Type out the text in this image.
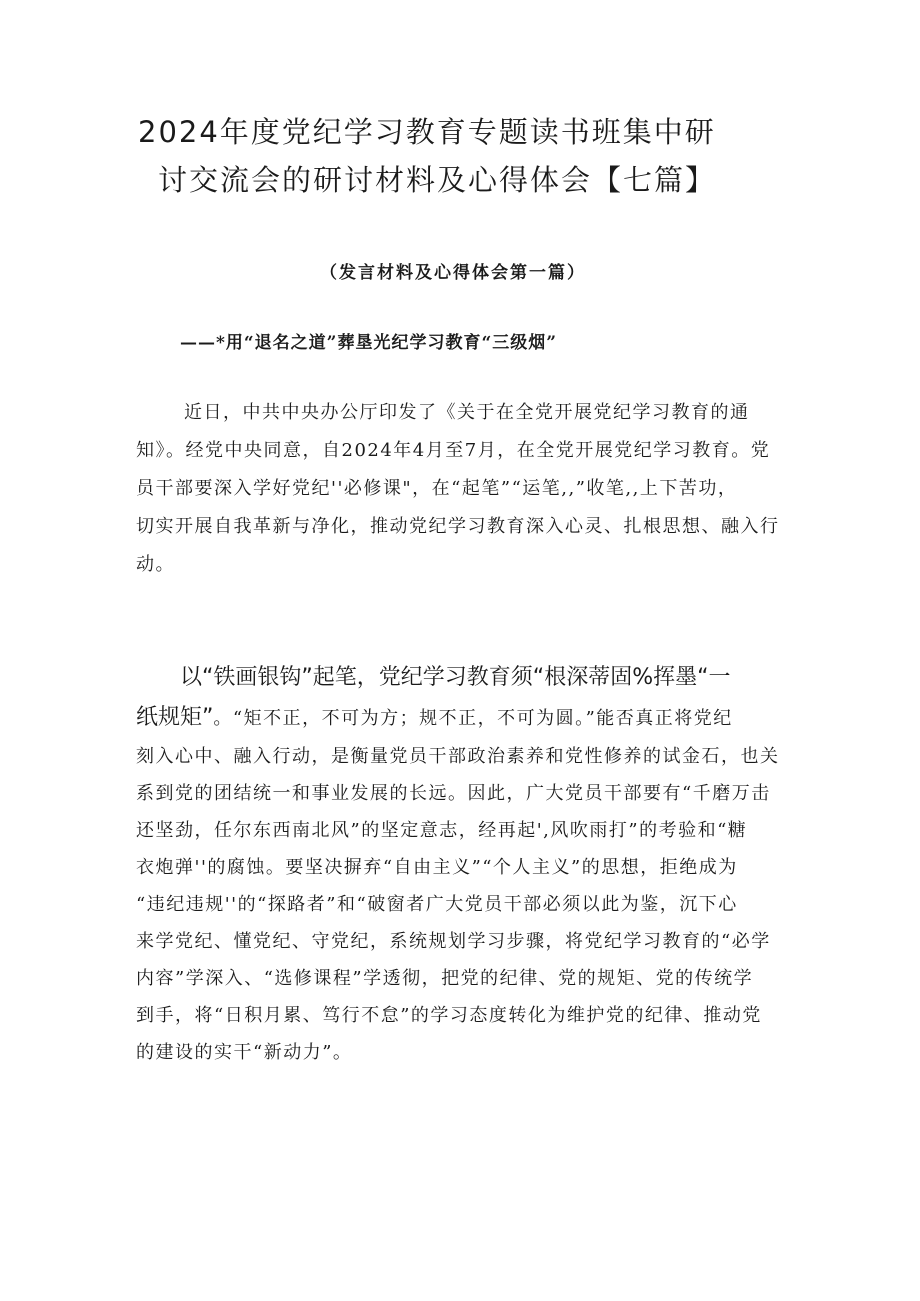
2024年度党纪学习教育专题读书班集中研
讨交流会的研讨材料及心得体会【七篇】
（发言材料及心得体会第一篇）
——*用“退名之道”葬垦光纪学习教育“三级烟”
近日，中共中央办公厅印发了《关于在全党开展党纪学习教育的通
知》。经党中央同意，自2024年4月至7月，在全党开展党纪学习教育。党
员干部要深入学好党纪''必修课"，在“起笔”“运笔,,”收笔,,上下苦功，
切实开展自我革新与净化，推动党纪学习教育深入心灵、扎根思想、融入行
动。
以“铁画银钩”起笔，党纪学习教育须“根深蒂固%挥墨“一
纸规矩”。“矩不正，不可为方；规不正，不可为圆。”能否真正将党纪
刻入心中、融入行动，是衡量党员干部政治素养和党性修养的试金石，也关
系到党的团结统一和事业发展的长远。因此，广大党员干部要有“千磨万击
还坚劲，任尔东西南北风”的坚定意志，经再起',风吹雨打”的考验和“糖
衣炮弹''的腐蚀。要坚决摒弃“自由主义”“个人主义”的思想，拒绝成为
“违纪违规''的“探路者”和“破窗者广大党员干部必须以此为鉴，沉下心
来学党纪、懂党纪、守党纪，系统规划学习步骤，将党纪学习教育的“必学
内容”学深入、“选修课程”学透彻，把党的纪律、党的规矩、党的传统学
到手，将“日积月累、笃行不怠”的学习态度转化为维护党的纪律、推动党
的建设的实干“新动力”。
